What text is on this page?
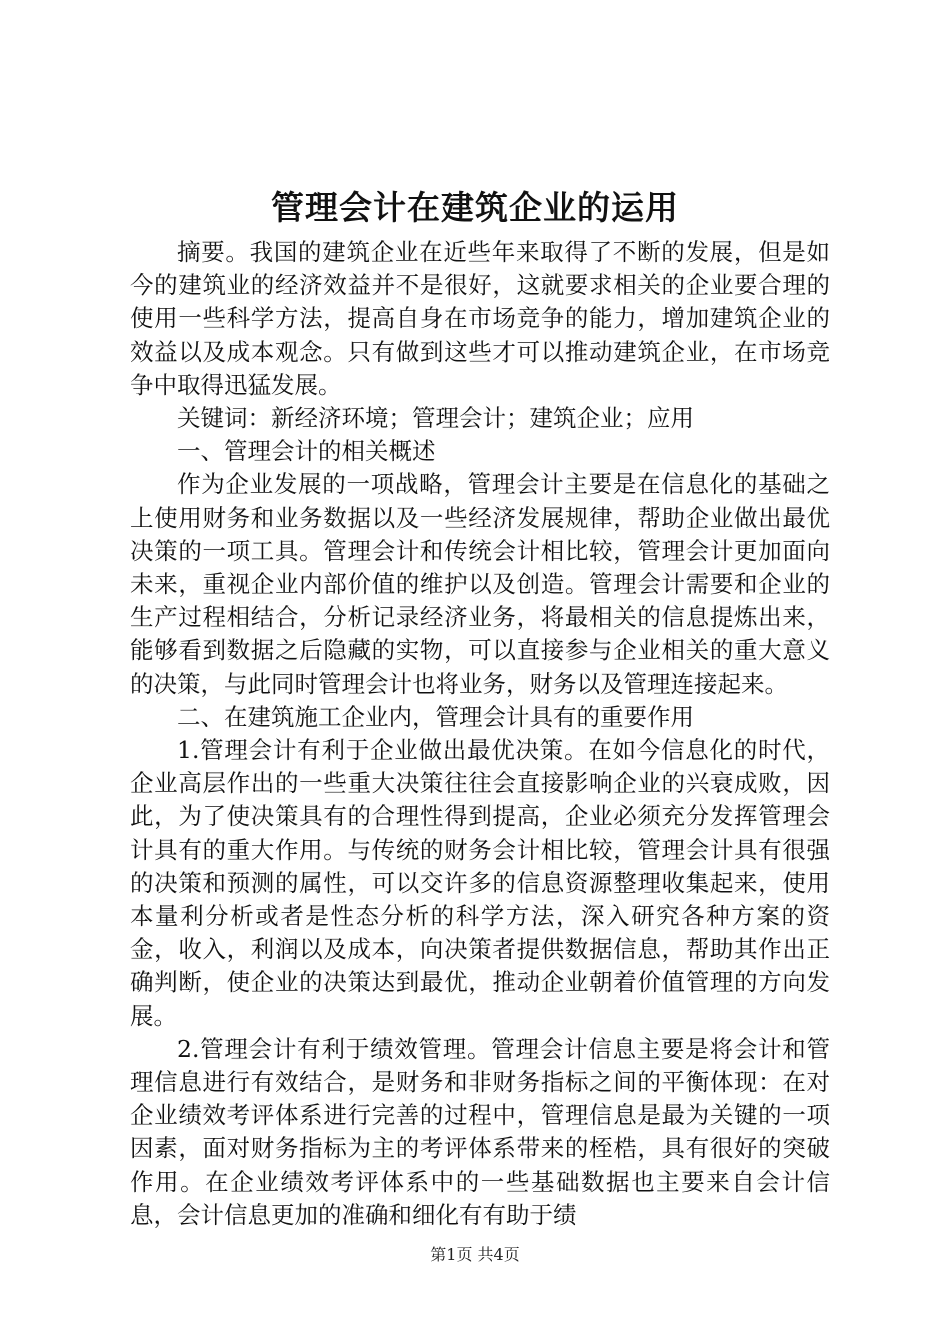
管理会计在建筑企业的运用

摘要。我国的建筑企业在近些年来取得了不断的发展，但是如今的建筑业的经济效益并不是很好，这就要求相关的企业要合理的使用一些科学方法，提高自身在市场竞争的能力，增加建筑企业的效益以及成本观念。只有做到这些才可以推动建筑企业，在市场竞争中取得迅猛发展。

关键词：新经济环境；管理会计；建筑企业；应用

一、管理会计的相关概述

作为企业发展的一项战略，管理会计主要是在信息化的基础之上使用财务和业务数据以及一些经济发展规律，帮助企业做出最优决策的一项工具。管理会计和传统会计相比较，管理会计更加面向未来，重视企业内部价值的维护以及创造。管理会计需要和企业的生产过程相结合，分析记录经济业务，将最相关的信息提炼出来，能够看到数据之后隐藏的实物，可以直接参与企业相关的重大意义的决策，与此同时管理会计也将业务，财务以及管理连接起来。

二、在建筑施工企业内，管理会计具有的重要作用

1.管理会计有利于企业做出最优决策。在如今信息化的时代，企业高层作出的一些重大决策往往会直接影响企业的兴衰成败，因此，为了使决策具有的合理性得到提高，企业必须充分发挥管理会计具有的重大作用。与传统的财务会计相比较，管理会计具有很强的决策和预测的属性，可以交许多的信息资源整理收集起来，使用本量利分析或者是性态分析的科学方法，深入研究各种方案的资金，收入，利润以及成本，向决策者提供数据信息，帮助其作出正确判断，使企业的决策达到最优，推动企业朝着价值管理的方向发展。

2.管理会计有利于绩效管理。管理会计信息主要是将会计和管理信息进行有效结合，是财务和非财务指标之间的平衡体现：在对企业绩效考评体系进行完善的过程中，管理信息是最为关键的一项因素，面对财务指标为主的考评体系带来的桎梏，具有很好的突破作用。在企业绩效考评体系中的一些基础数据也主要来自会计信息，会计信息更加的准确和细化有有助于绩

第1页 共4页
